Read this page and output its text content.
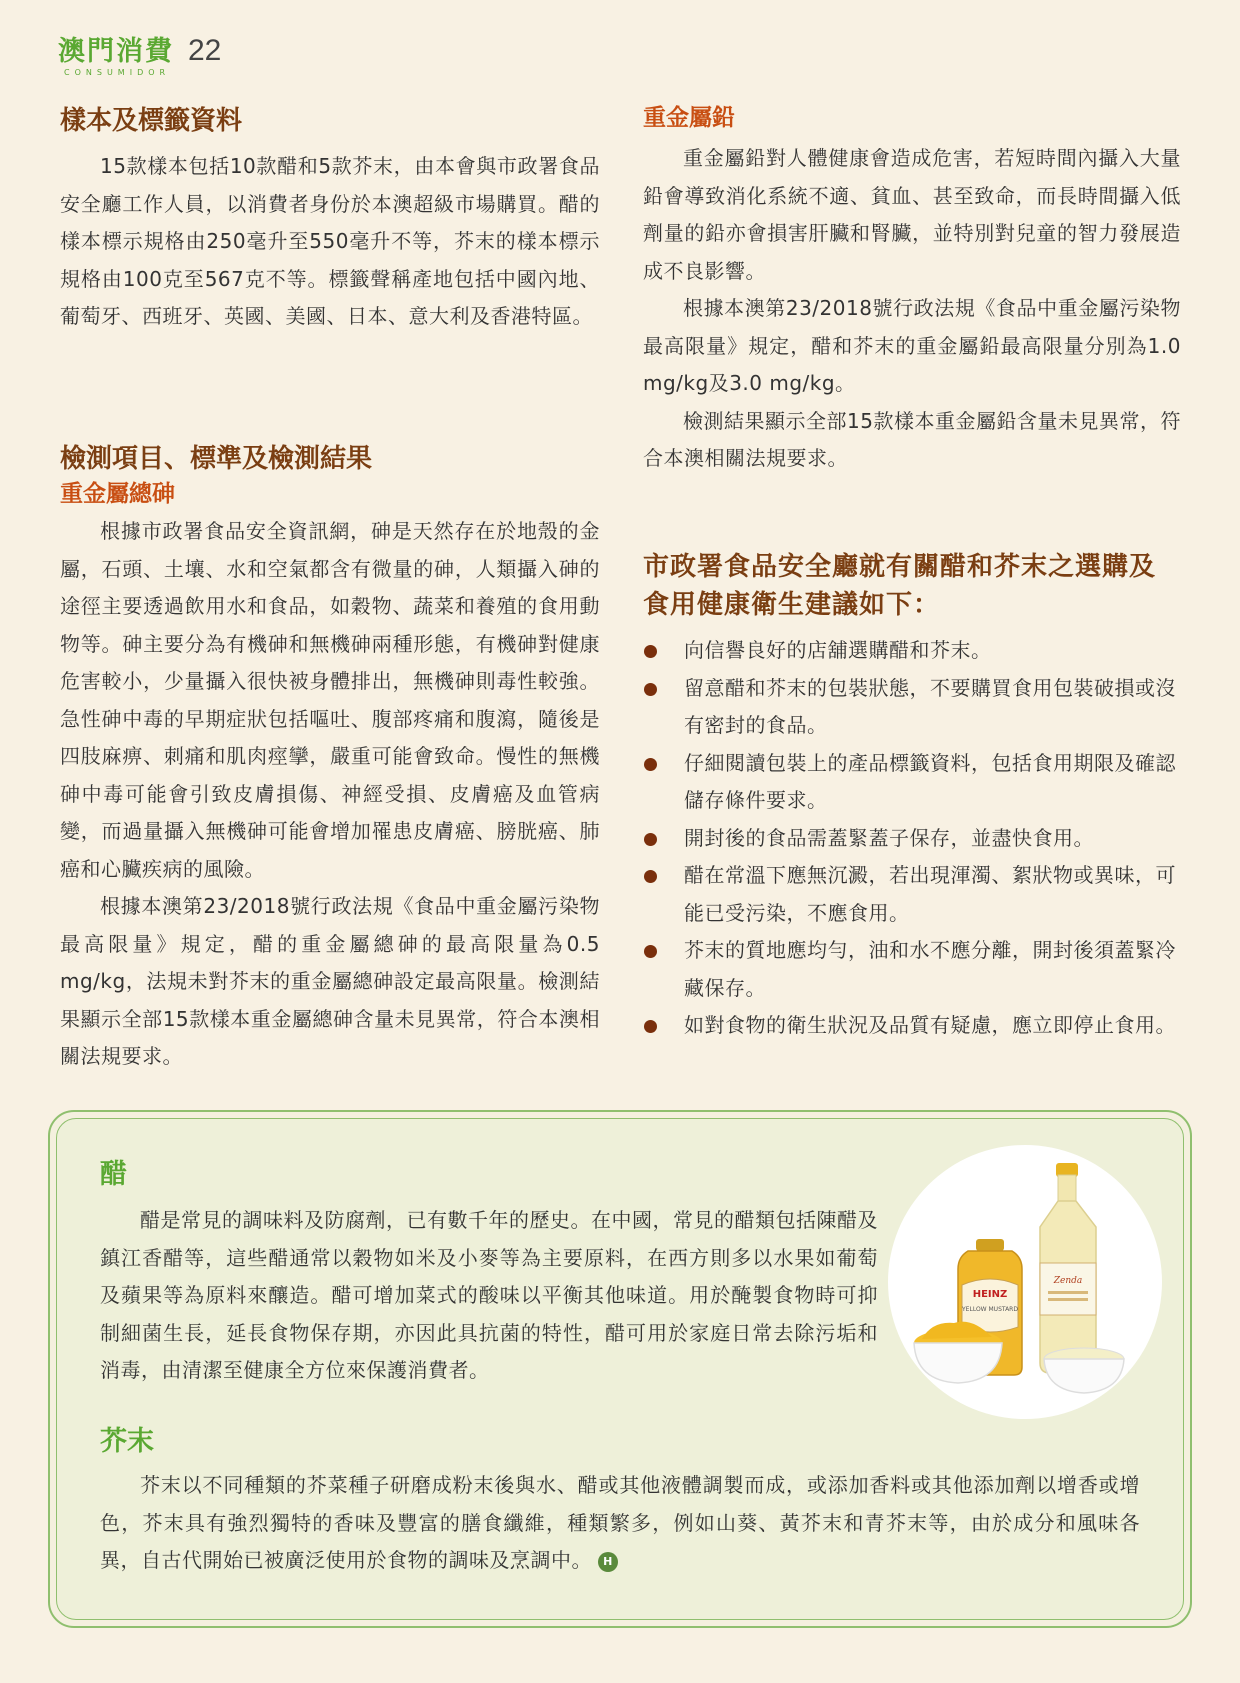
澳門消費
CONSUMIDOR
22
樣本及標籤資料

15款樣本包括10款醋和5款芥末，由本會與市政署食品安全廳工作人員，以消費者身份於本澳超級市場購買。醋的樣本標示規格由250毫升至550毫升不等，芥末的樣本標示規格由100克至567克不等。標籤聲稱產地包括中國內地、葡萄牙、西班牙、英國、美國、日本、意大利及香港特區。

檢測項目、標準及檢測結果
重金屬總砷

根據市政署食品安全資訊網，砷是天然存在於地殼的金屬，石頭、土壤、水和空氣都含有微量的砷，人類攝入砷的途徑主要透過飲用水和食品，如穀物、蔬菜和養殖的食用動物等。砷主要分為有機砷和無機砷兩種形態，有機砷對健康危害較小，少量攝入很快被身體排出，無機砷則毒性較強。急性砷中毒的早期症狀包括嘔吐、腹部疼痛和腹瀉，隨後是四肢麻痹、刺痛和肌肉痙攣，嚴重可能會致命。慢性的無機砷中毒可能會引致皮膚損傷、神經受損、皮膚癌及血管病變，而過量攝入無機砷可能會增加罹患皮膚癌、膀胱癌、肺癌和心臟疾病的風險。

根據本澳第23/2018號行政法規《食品中重金屬污染物最高限量》規定，醋的重金屬總砷的最高限量為0.5 mg/kg，法規未對芥末的重金屬總砷設定最高限量。檢測結果顯示全部15款樣本重金屬總砷含量未見異常，符合本澳相關法規要求。

重金屬鉛

重金屬鉛對人體健康會造成危害，若短時間內攝入大量鉛會導致消化系統不適、貧血、甚至致命，而長時間攝入低劑量的鉛亦會損害肝臟和腎臟，並特別對兒童的智力發展造成不良影響。

根據本澳第23/2018號行政法規《食品中重金屬污染物最高限量》規定，醋和芥末的重金屬鉛最高限量分別為1.0 mg/kg及3.0 mg/kg。

檢測結果顯示全部15款樣本重金屬鉛含量未見異常，符合本澳相關法規要求。

市政署食品安全廳就有關醋和芥末之選購及食用健康衛生建議如下：
向信譽良好的店舖選購醋和芥末。
留意醋和芥末的包裝狀態，不要購買食用包裝破損或沒有密封的食品。
仔細閱讀包裝上的產品標籤資料，包括食用期限及確認儲存條件要求。
開封後的食品需蓋緊蓋子保存，並盡快食用。
醋在常溫下應無沉澱，若出現渾濁、絮狀物或異味，可能已受污染，不應食用。
芥末的質地應均勻，油和水不應分離，開封後須蓋緊冷藏保存。
如對食物的衛生狀況及品質有疑慮，應立即停止食用。
醋

醋是常見的調味料及防腐劑，已有數千年的歷史。在中國，常見的醋類包括陳醋及鎮江香醋等，這些醋通常以穀物如米及小麥等為主要原料，在西方則多以水果如葡萄及蘋果等為原料來釀造。醋可增加菜式的酸味以平衡其他味道。用於醃製食物時可抑制細菌生長，延長食物保存期，亦因此具抗菌的特性，醋可用於家庭日常去除污垢和消毒，由清潔至健康全方位來保護消費者。

Zenda
HEINZ
YELLOW MUSTARD
芥末

芥末以不同種類的芥菜種子研磨成粉末後與水、醋或其他液體調製而成，或添加香料或其他添加劑以增香或增色，芥末具有強烈獨特的香味及豐富的膳食纖維，種類繁多，例如山葵、黃芥末和青芥末等，由於成分和風味各異，自古代開始已被廣泛使用於食物的調味及烹調中。 H
